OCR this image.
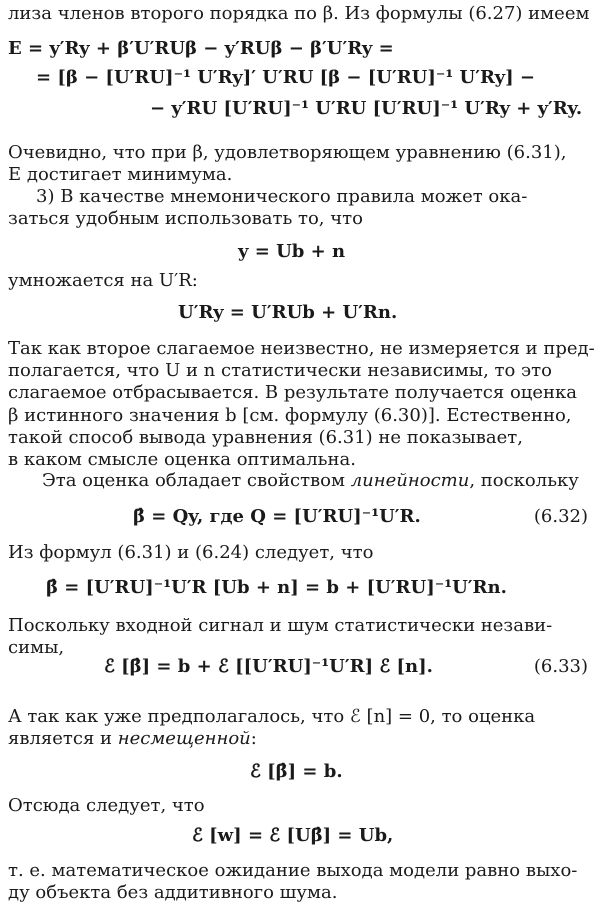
лиза членов второго порядка по β. Из формулы (6.27) имеем
E = y′Ry + β′U′RUβ − y′RUβ − β′U′Ry =
= [β − [U′RU]⁻¹ U′Ry]′ U′RU [β − [U′RU]⁻¹ U′Ry] −
− y′RU [U′RU]⁻¹ U′RU [U′RU]⁻¹ U′Ry + y′Ry.
Очевидно, что при β, удовлетворяющем уравнению (6.31),
E достигает минимума.
3) В качестве мнемонического правила может ока-
заться удобным использовать то, что
y = Ub + n
умножается на U′R:
U′Ry = U′RUb + U′Rn.
Так как второе слагаемое неизвестно, не измеряется и пред-
полагается, что U и n статистически независимы, то это
слагаемое отбрасывается. В результате получается оценка
β истинного значения b [см. формулу (6.30)]. Естественно,
такой способ вывода уравнения (6.31) не показывает,
в каком смысле оценка оптимальна.
Эта оценка обладает свойством линейности, поскольку
β̂ = Qy, где Q = [U′RU]⁻¹U′R.	(6.32)
Из формул (6.31) и (6.24) следует, что
β̂ = [U′RU]⁻¹U′R [Ub + n] = b + [U′RU]⁻¹U′Rn.
Поскольку входной сигнал и шум статистически незави-
симы,
ℰ [β̂] = b + ℰ [[U′RU]⁻¹U′R] ℰ [n].	(6.33)
А так как уже предполагалось, что ℰ [n] = 0, то оценка
является и несмещенной:
ℰ [β̂] = b.
Отсюда следует, что
ℰ [w] = ℰ [Uβ̂] = Ub,
т. е. математическое ожидание выхода модели равно выхо-
ду объекта без аддитивного шума.
